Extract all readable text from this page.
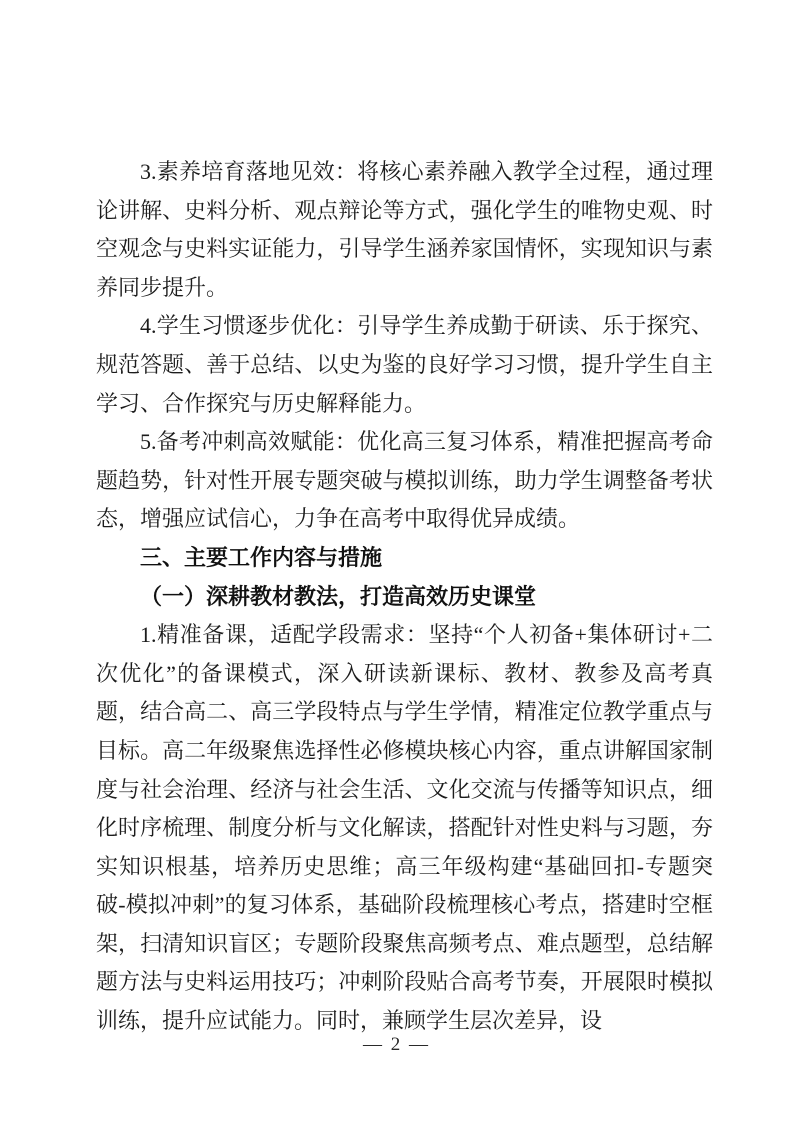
3.素养培育落地见效：将核心素养融入教学全过程，通过理论讲解、史料分析、观点辩论等方式，强化学生的唯物史观、时空观念与史料实证能力，引导学生涵养家国情怀，实现知识与素养同步提升。

4.学生习惯逐步优化：引导学生养成勤于研读、乐于探究、规范答题、善于总结、以史为鉴的良好学习习惯，提升学生自主学习、合作探究与历史解释能力。

5.备考冲刺高效赋能：优化高三复习体系，精准把握高考命题趋势，针对性开展专题突破与模拟训练，助力学生调整备考状态，增强应试信心，力争在高考中取得优异成绩。

三、主要工作内容与措施
（一）深耕教材教法，打造高效历史课堂

1.精准备课，适配学段需求：坚持“个人初备+集体研讨+二次优化”的备课模式，深入研读新课标、教材、教参及高考真题，结合高二、高三学段特点与学生学情，精准定位教学重点与目标。高二年级聚焦选择性必修模块核心内容，重点讲解国家制度与社会治理、经济与社会生活、文化交流与传播等知识点，细化时序梳理、制度分析与文化解读，搭配针对性史料与习题，夯实知识根基，培养历史思维；高三年级构建“基础回扣-专题突破-模拟冲刺”的复习体系，基础阶段梳理核心考点，搭建时空框架，扫清知识盲区；专题阶段聚焦高频考点、难点题型，总结解题方法与史料运用技巧；冲刺阶段贴合高考节奏，开展限时模拟训练，提升应试能力。同时，兼顾学生层次差异，设

— 2 —
